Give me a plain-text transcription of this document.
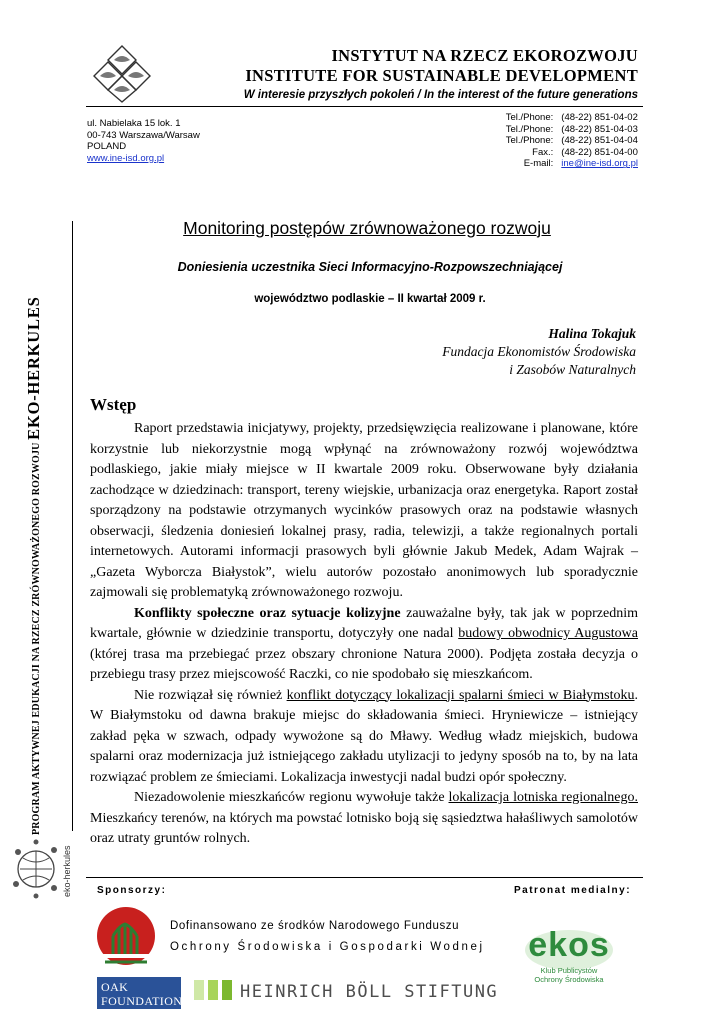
INSTYTUT NA RZECZ EKOROZWOJU
INSTITUTE FOR SUSTAINABLE DEVELOPMENT
W interesie przyszłych pokoleń / In the interest of the future generations
ul. Nabielaka 15 lok. 1
00-743 Warszawa/Warsaw
POLAND
www.ine-isd.org.pl
Tel./Phone:	(48-22) 851-04-02
Tel./Phone:	(48-22) 851-04-03
Tel./Phone:	(48-22) 851-04-04
Fax.:	(48-22) 851-04-00
E-mail:	ine@ine-isd.org.pl
PROGRAM AKTYWNEJ EDUKACJI NA RZECZ ZRÓWNOWAŻONEGO ROZWOJU EKO-HERKULES
eko-herkules
Monitoring postępów zrównoważonego rozwoju
Doniesienia uczestnika Sieci Informacyjno-Rozpowszechniającej
województwo podlaskie – II kwartał 2009 r.
Halina Tokajuk
Fundacja Ekonomistów Środowiska
i Zasobów Naturalnych
Wstęp

Raport przedstawia inicjatywy, projekty, przedsięwzięcia realizowane i planowane, które korzystnie lub niekorzystnie mogą wpłynąć na zrównoważony rozwój województwa podlaskiego, jakie miały miejsce w II kwartale 2009 roku. Obserwowane były działania zachodzące w dziedzinach: transport, tereny wiejskie, urbanizacja oraz energetyka. Raport został sporządzony na podstawie otrzymanych wycinków prasowych oraz na podstawie własnych obserwacji, śledzenia doniesień lokalnej prasy, radia, telewizji, a także regionalnych portali internetowych. Autorami informacji prasowych byli głównie Jakub Medek, Adam Wajrak – „Gazeta Wyborcza Białystok”, wielu autorów pozostało anonimowych lub sporadycznie zajmowali się problematyką zrównoważonego rozwoju.

Konflikty społeczne oraz sytuacje kolizyjne zauważalne były, tak jak w poprzednim kwartale, głównie w dziedzinie transportu, dotyczyły one nadal budowy obwodnicy Augustowa (której trasa ma przebiegać przez obszary chronione Natura 2000). Podjęta została decyzja o przebiegu trasy przez miejscowość Raczki, co nie spodobało się mieszkańcom.

Nie rozwiązał się również konflikt dotyczący lokalizacji spalarni śmieci w Białymstoku. W Białymstoku od dawna brakuje miejsc do składowania śmieci. Hryniewicze – istniejący zakład pęka w szwach, odpady wywożone są do Mławy. Według władz miejskich, budowa spalarni oraz modernizacja już istniejącego zakładu utylizacji to jedyny sposób na to, by na lata rozwiązać problem ze śmieciami. Lokalizacja inwestycji nadal budzi opór społeczny.

Niezadowolenie mieszkańców regionu wywołuje także lokalizacja lotniska regionalnego. Mieszkańcy terenów, na których ma powstać lotnisko boją się sąsiedztwa hałaśliwych samolotów oraz utraty gruntów rolnych.

Sponsorzy:	Patronat medialny:
Dofinansowano ze środków Narodowego Funduszu
Ochrony Środowiska i Gospodarki Wodnej
OAK
FOUNDATION	HEINRICH BÖLL STIFTUNG
ekos
Klub Publicystów
Ochrony Środowiska
